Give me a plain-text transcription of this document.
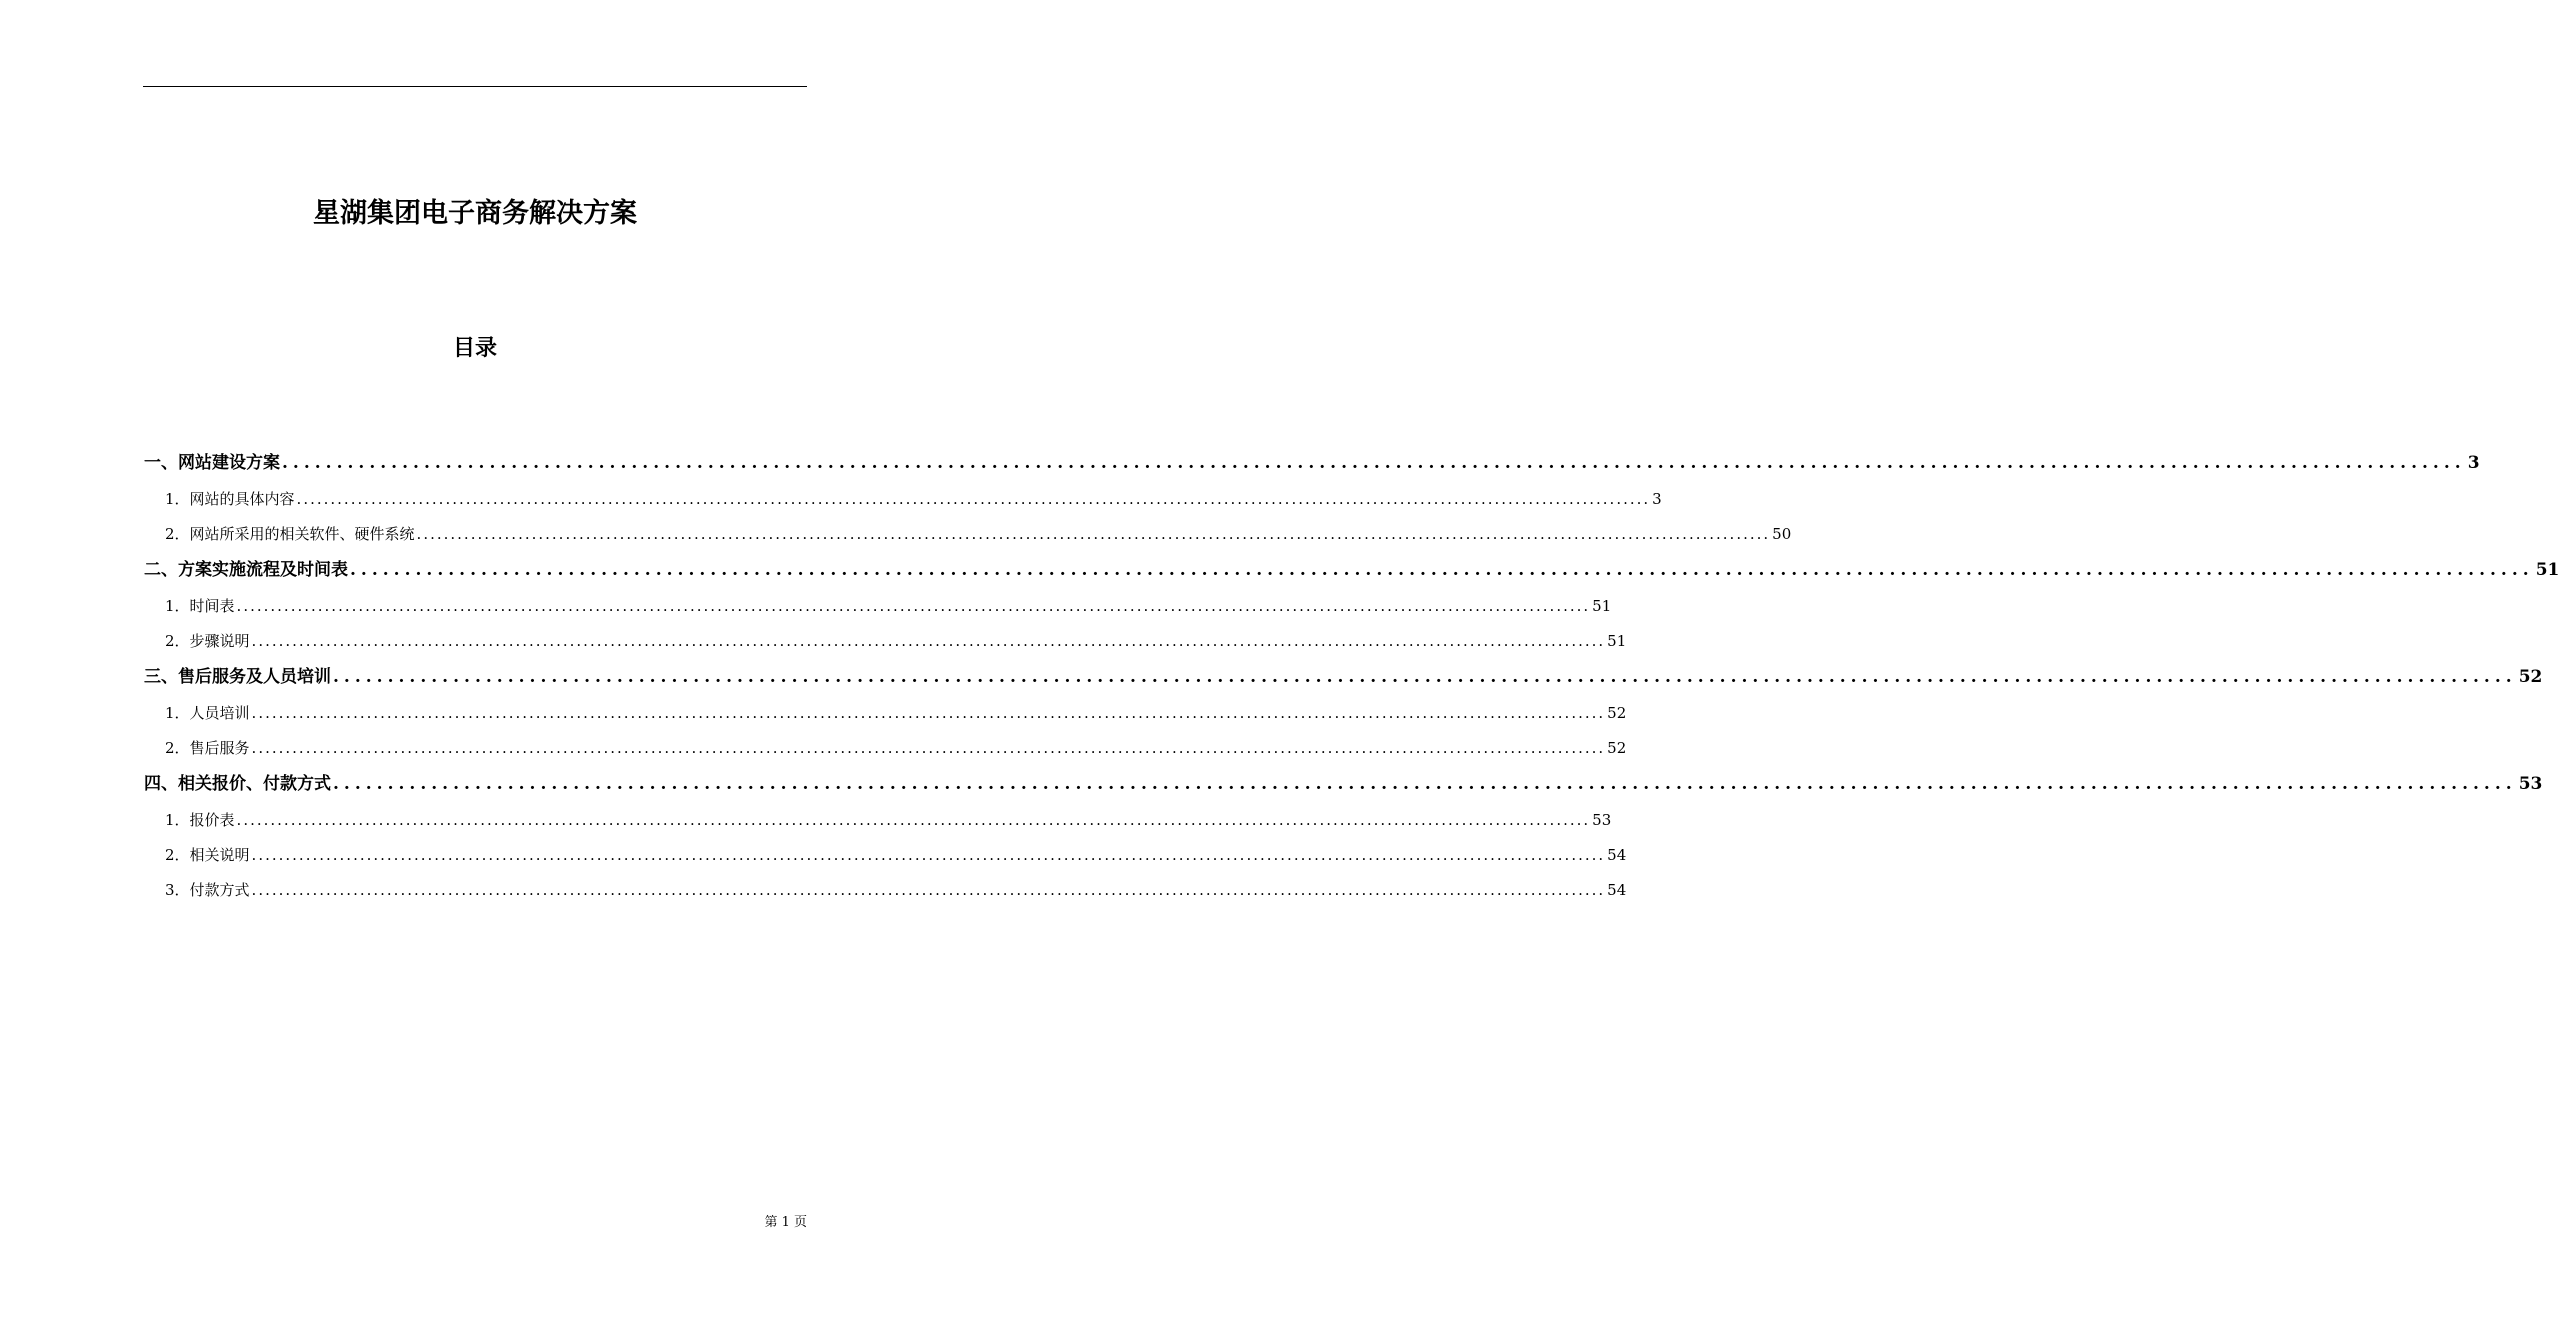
星湖集团电子商务解决方案
目录
一、网站建设方案 ........................................................................................................................................................................................................ 3
1．网站的具体内容 ........................................................................................................................................................................................................ 3
2．网站所采用的相关软件、硬件系统 ........................................................................................................................................................................................................ 50
二、方案实施流程及时间表 ........................................................................................................................................................................................................ 51
1．时间表 ........................................................................................................................................................................................................ 51
2．步骤说明 ........................................................................................................................................................................................................ 51
三、售后服务及人员培训 ........................................................................................................................................................................................................ 52
1．人员培训 ........................................................................................................................................................................................................ 52
2．售后服务 ........................................................................................................................................................................................................ 52
四、相关报价、付款方式 ........................................................................................................................................................................................................ 53
1．报价表 ........................................................................................................................................................................................................ 53
2．相关说明 ........................................................................................................................................................................................................ 54
3．付款方式 ........................................................................................................................................................................................................ 54
第 1 页
